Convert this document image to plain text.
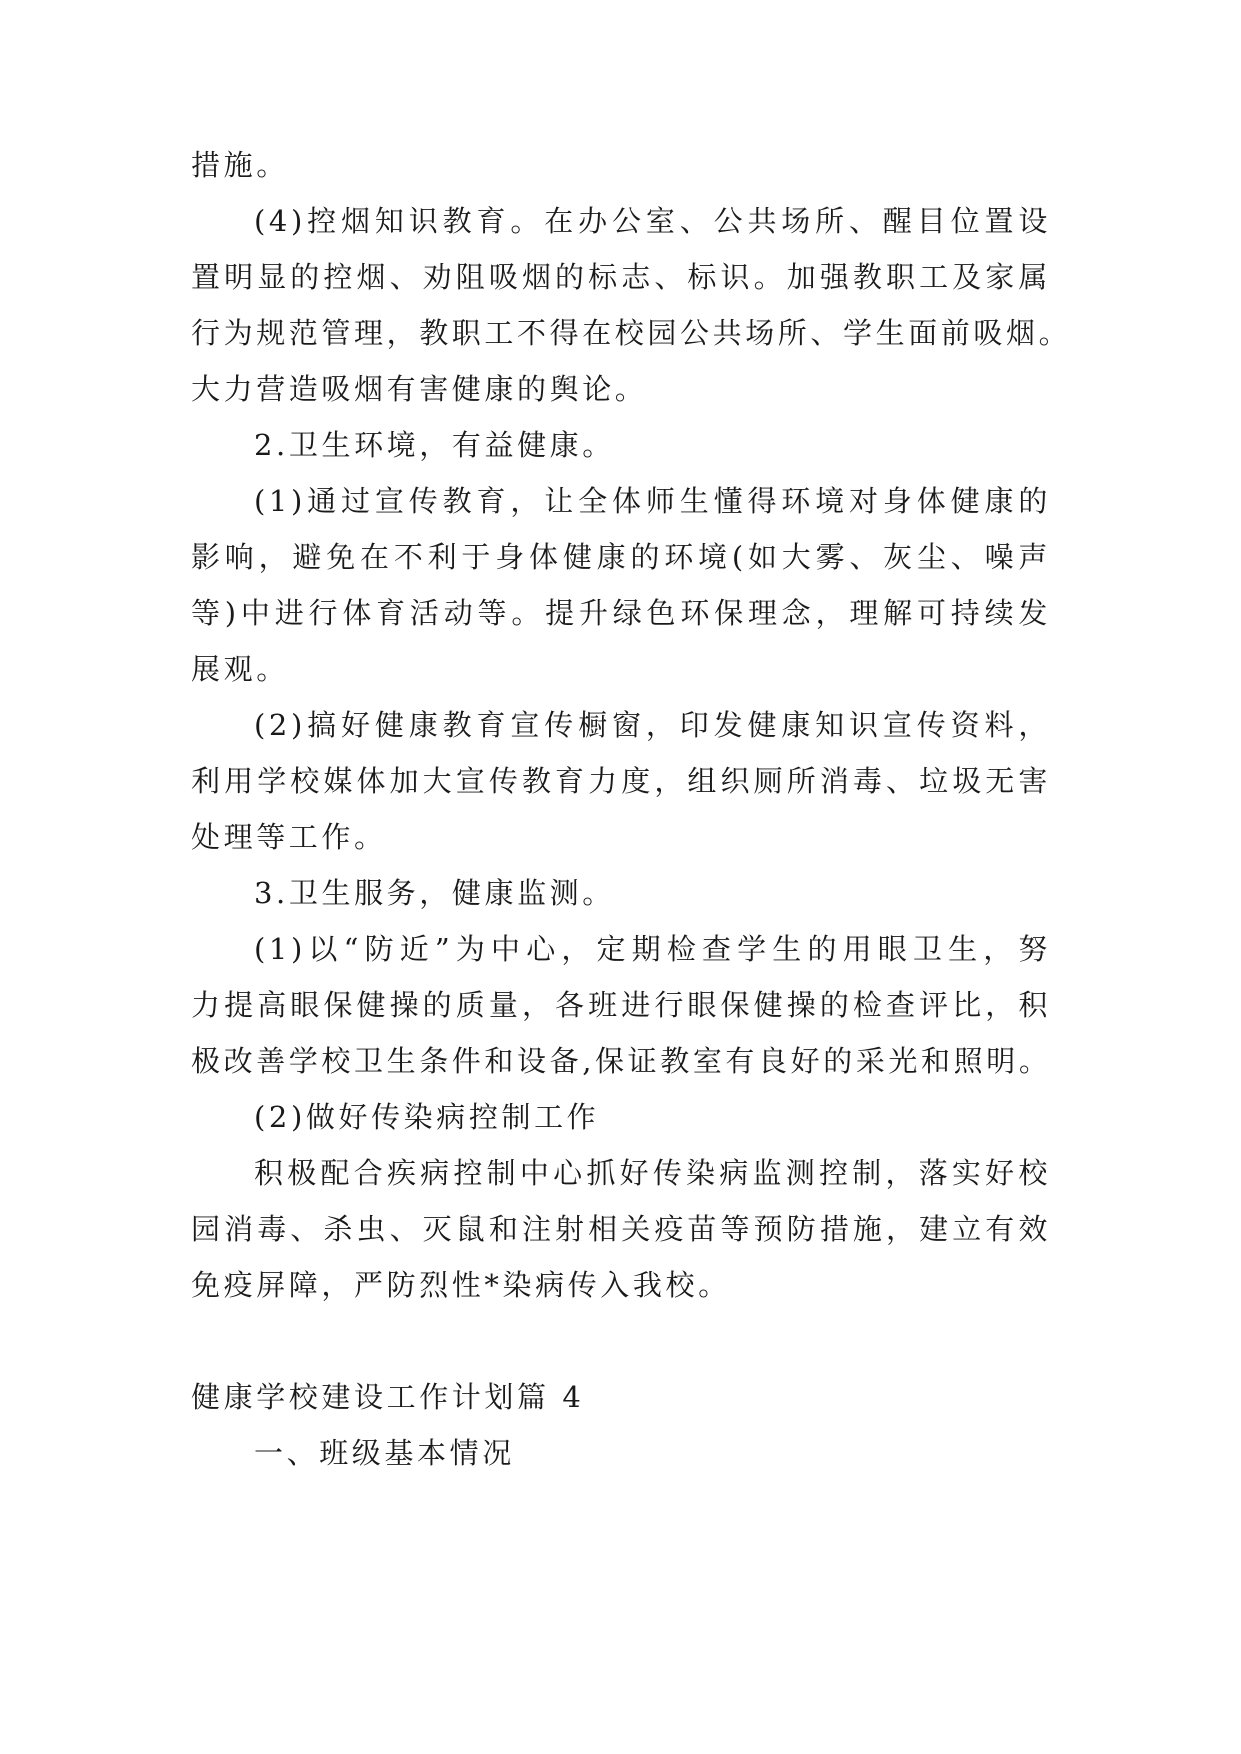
措施。
(4)控烟知识教育。在办公室、公共场所、醒目位置设
置明显的控烟、劝阻吸烟的标志、标识。加强教职工及家属
行为规范管理，教职工不得在校园公共场所、学生面前吸烟。
大力营造吸烟有害健康的舆论。
2.卫生环境，有益健康。
(1)通过宣传教育，让全体师生懂得环境对身体健康的
影响，避免在不利于身体健康的环境(如大雾、灰尘、噪声
等)中进行体育活动等。提升绿色环保理念，理解可持续发
展观。
(2)搞好健康教育宣传橱窗，印发健康知识宣传资料，
利用学校媒体加大宣传教育力度，组织厕所消毒、垃圾无害
处理等工作。
3.卫生服务，健康监测。
(1)以“防近”为中心，定期检查学生的用眼卫生，努
力提高眼保健操的质量，各班进行眼保健操的检查评比，积
极改善学校卫生条件和设备,保证教室有良好的采光和照明。
(2)做好传染病控制工作
积极配合疾病控制中心抓好传染病监测控制，落实好校
园消毒、杀虫、灭鼠和注射相关疫苗等预防措施，建立有效
免疫屏障，严防烈性*染病传入我校。
健康学校建设工作计划篇 4
一、班级基本情况
